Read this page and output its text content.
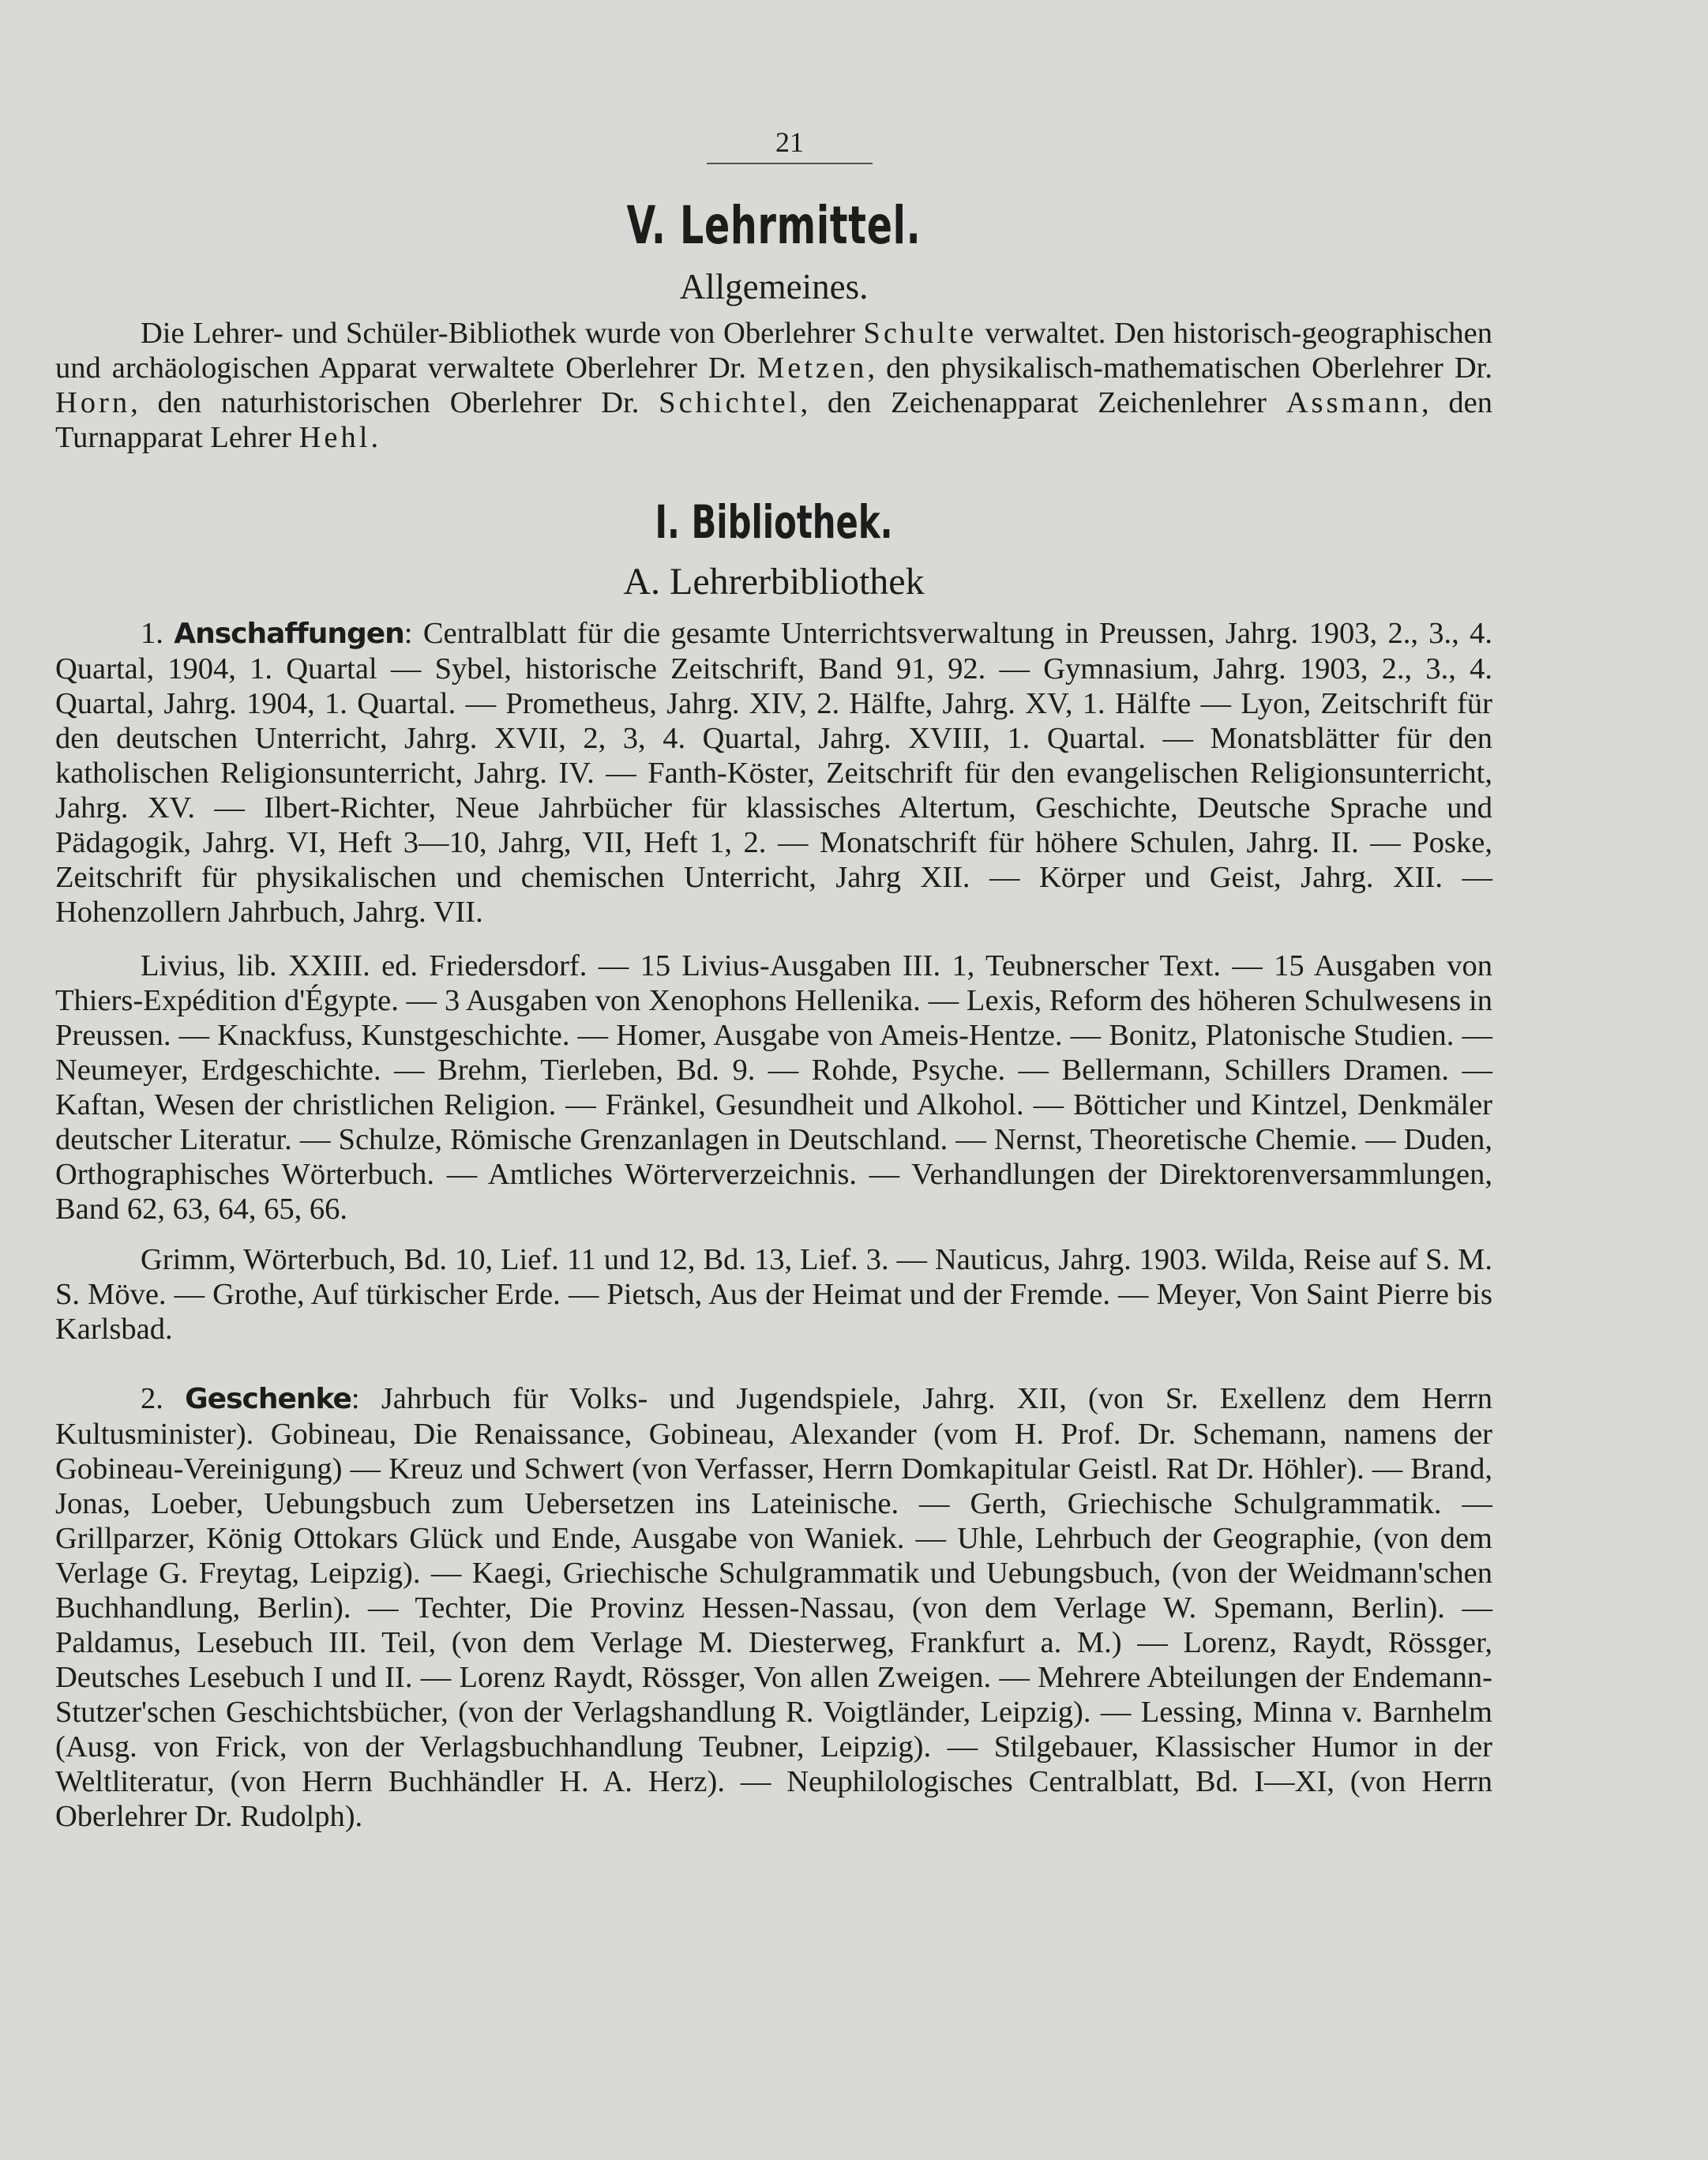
21
V. Lehrmittel.
Allgemeines.

Die Lehrer- und Schüler-Bibliothek wurde von Oberlehrer Schulte verwaltet. Den historisch-geographischen und archäologischen Apparat verwaltete Oberlehrer Dr. Metzen, den physikalisch-mathematischen Oberlehrer Dr. Horn, den naturhistorischen Oberlehrer Dr. Schichtel, den Zeichenapparat Zeichenlehrer Assmann, den Turnapparat Lehrer Hehl.

I. Bibliothek.
A. Lehrerbibliothek

1. Anschaffungen: Centralblatt für die gesamte Unterrichtsverwaltung in Preussen, Jahrg. 1903, 2., 3., 4. Quartal, 1904, 1. Quartal — Sybel, historische Zeitschrift, Band 91, 92. — Gymnasium, Jahrg. 1903, 2., 3., 4. Quartal, Jahrg. 1904, 1. Quartal. — Prometheus, Jahrg. XIV, 2. Hälfte, Jahrg. XV, 1. Hälfte — Lyon, Zeitschrift für den deutschen Unterricht, Jahrg. XVII, 2, 3, 4. Quartal, Jahrg. XVIII, 1. Quartal. — Monatsblätter für den katholischen Religionsunterricht, Jahrg. IV. — Fanth-Köster, Zeitschrift für den evangelischen Religionsunterricht, Jahrg. XV. — Ilbert-Richter, Neue Jahrbücher für klassisches Altertum, Geschichte, Deutsche Sprache und Pädagogik, Jahrg. VI, Heft 3—10, Jahrg, VII, Heft 1, 2. — Monatschrift für höhere Schulen, Jahrg. II. — Poske, Zeitschrift für physikalischen und chemischen Unterricht, Jahrg XII. — Körper und Geist, Jahrg. XII. — Hohenzollern Jahrbuch, Jahrg. VII.

Livius, lib. XXIII. ed. Friedersdorf. — 15 Livius-Ausgaben III. 1, Teubnerscher Text. — 15 Ausgaben von Thiers-Expédition d'Égypte. — 3 Ausgaben von Xenophons Hellenika. — Lexis, Reform des höheren Schulwesens in Preussen. — Knackfuss, Kunstgeschichte. — Homer, Ausgabe von Ameis-Hentze. — Bonitz, Platonische Studien. — Neumeyer, Erdgeschichte. — Brehm, Tierleben, Bd. 9. — Rohde, Psyche. — Bellermann, Schillers Dramen. — Kaftan, Wesen der christlichen Religion. — Fränkel, Gesundheit und Alkohol. — Bötticher und Kintzel, Denkmäler deutscher Literatur. — Schulze, Römische Grenzanlagen in Deutschland. — Nernst, Theoretische Chemie. — Duden, Orthographisches Wörterbuch. — Amtliches Wörterverzeichnis. — Verhandlungen der Direktorenversammlungen, Band 62, 63, 64, 65, 66.

Grimm, Wörterbuch, Bd. 10, Lief. 11 und 12, Bd. 13, Lief. 3. — Nauticus, Jahrg. 1903. Wilda, Reise auf S. M. S. Möve. — Grothe, Auf türkischer Erde. — Pietsch, Aus der Heimat und der Fremde. — Meyer, Von Saint Pierre bis Karlsbad.

2. Geschenke: Jahrbuch für Volks- und Jugendspiele, Jahrg. XII, (von Sr. Exellenz dem Herrn Kultusminister). Gobineau, Die Renaissance, Gobineau, Alexander (vom H. Prof. Dr. Schemann, namens der Gobineau-Vereinigung) — Kreuz und Schwert (von Verfasser, Herrn Domkapitular Geistl. Rat Dr. Höhler). — Brand, Jonas, Loeber, Uebungsbuch zum Uebersetzen ins Lateinische. — Gerth, Griechische Schulgrammatik. — Grillparzer, König Ottokars Glück und Ende, Ausgabe von Waniek. — Uhle, Lehrbuch der Geographie, (von dem Verlage G. Freytag, Leipzig). — Kaegi, Griechische Schulgrammatik und Uebungsbuch, (von der Weidmann'schen Buchhandlung, Berlin). — Techter, Die Provinz Hessen-Nassau, (von dem Verlage W. Spemann, Berlin). — Paldamus, Lesebuch III. Teil, (von dem Verlage M. Diesterweg, Frankfurt a. M.) — Lorenz, Raydt, Rössger, Deutsches Lesebuch I und II. — Lorenz Raydt, Rössger, Von allen Zweigen. — Mehrere Abteilungen der Endemann-Stutzer'schen Geschichtsbücher, (von der Verlagshandlung R. Voigtländer, Leipzig). — Lessing, Minna v. Barnhelm (Ausg. von Frick, von der Verlagsbuchhandlung Teubner, Leipzig). — Stilgebauer, Klassischer Humor in der Weltliteratur, (von Herrn Buchhändler H. A. Herz). — Neuphilologisches Centralblatt, Bd. I—XI, (von Herrn Oberlehrer Dr. Rudolph).
